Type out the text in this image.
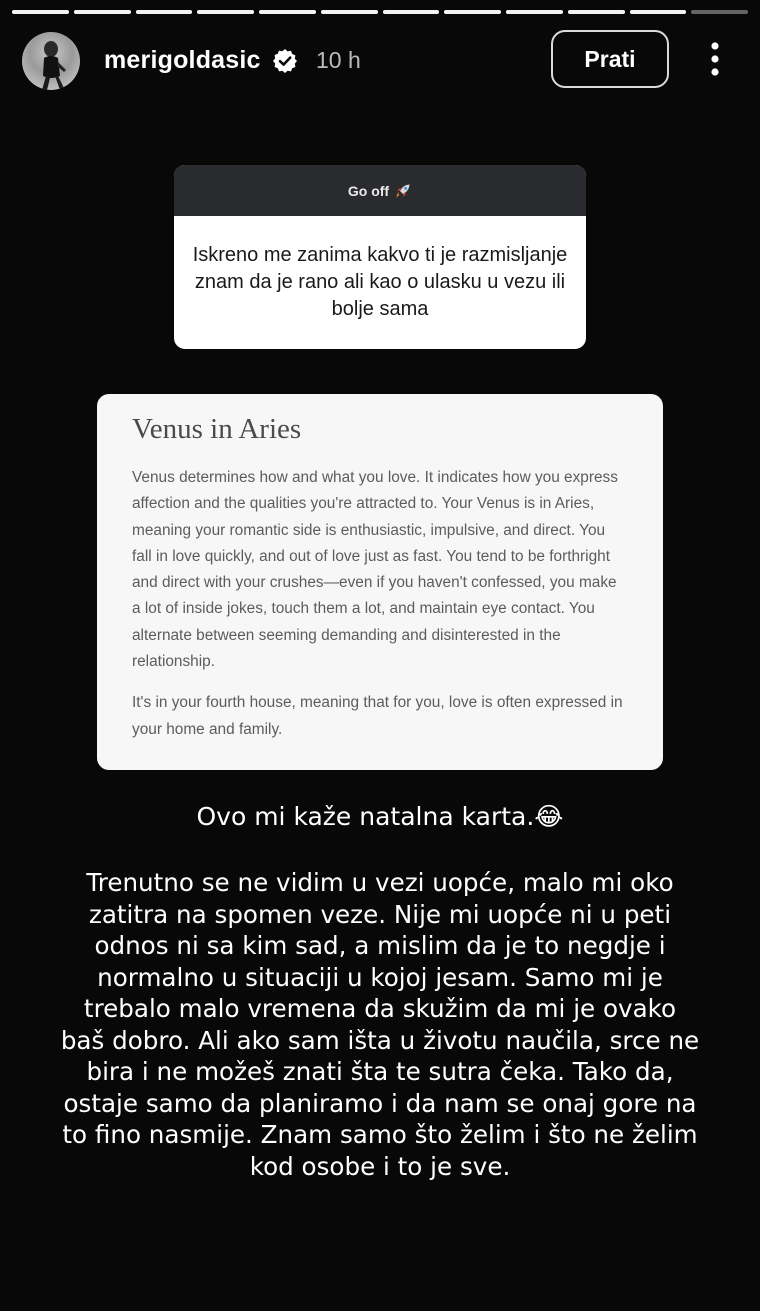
merigoldasic 10 h	Prati
Go off
Iskreno me zanima kakvo ti je razmisljanje znam da je rano ali kao o ulasku u vezu ili bolje sama
Venus in Aries

Venus determines how and what you love. It indicates how you express affection and the qualities you're attracted to. Your Venus is in Aries, meaning your romantic side is enthusiastic, impulsive, and direct. You fall in love quickly, and out of love just as fast. You tend to be forthright and direct with your crushes—even if you haven't confessed, you make a lot of inside jokes, touch them a lot, and maintain eye contact. You alternate between seeming demanding and disinterested in the relationship.

It's in your fourth house, meaning that for you, love is often expressed in your home and family.

Ovo mi kaže natalna karta.😂
Trenutno se ne vidim u vezi uopće, malo mi oko zatitra na spomen veze. Nije mi uopće ni u peti odnos ni sa kim sad, a mislim da je to negdje i normalno u situaciji u kojoj jesam. Samo mi je trebalo malo vremena da skužim da mi je ovako baš dobro. Ali ako sam išta u životu naučila, srce ne bira i ne možeš znati šta te sutra čeka. Tako da, ostaje samo da planiramo i da nam se onaj gore na to fino nasmije. Znam samo što želim i što ne želim kod osobe i to je sve.
